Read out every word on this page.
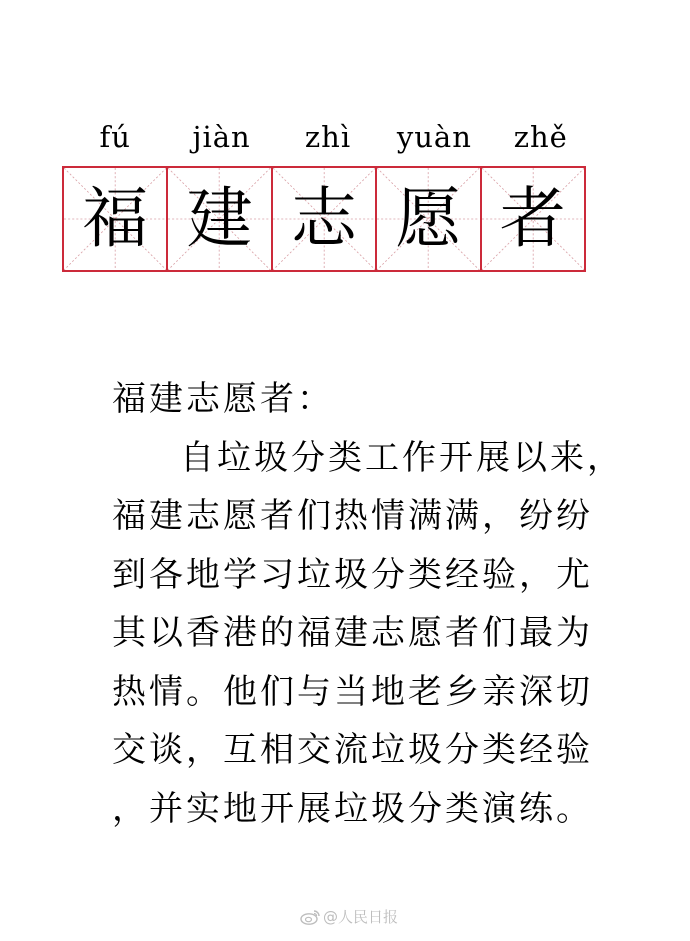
fú	jiàn	zhì	yuàn	zhě
福 建 志 愿 者

福建志愿者：

自垃圾分类工作开展以来，

福建志愿者们热情满满，纷纷

到各地学习垃圾分类经验，尤

其以香港的福建志愿者们最为

热情。他们与当地老乡亲深切

交谈，互相交流垃圾分类经验

，并实地开展垃圾分类演练。

@人民日报
